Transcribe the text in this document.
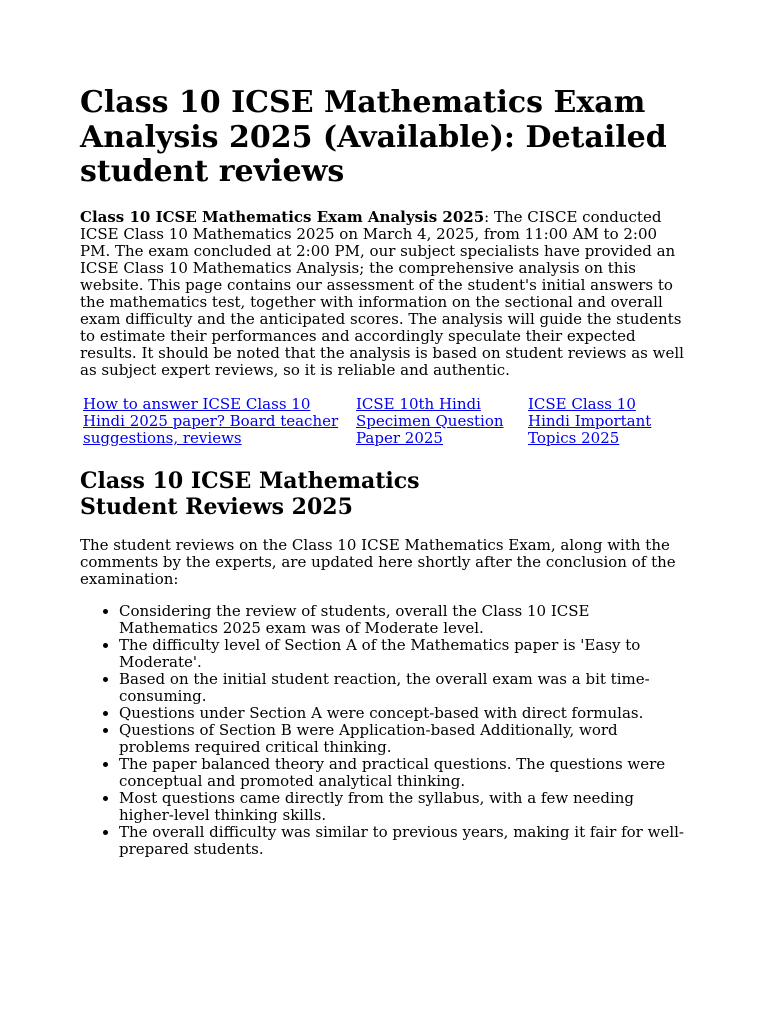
Class 10 ICSE Mathematics Exam Analysis 2025 (Available): Detailed student reviews

Class 10 ICSE Mathematics Exam Analysis 2025: The CISCE conducted ICSE Class 10 Mathematics 2025 on March 4, 2025, from 11:00 AM to 2:00 PM. The exam concluded at 2:00 PM, our subject specialists have provided an ICSE Class 10 Mathematics Analysis; the comprehensive analysis on this website. This page contains our assessment of the student's initial answers to the mathematics test, together with information on the sectional and overall exam difficulty and the anticipated scores. The analysis will guide the students to estimate their performances and accordingly speculate their expected results. It should be noted that the analysis is based on student reviews as well as subject expert reviews, so it is reliable and authentic.

How to answer ICSE Class 10 Hindi 2025 paper? Board teacher suggestions, reviews
ICSE 10th Hindi Specimen Question Paper 2025
ICSE Class 10 Hindi Important Topics 2025
Class 10 ICSE Mathematics Student Reviews 2025

The student reviews on the Class 10 ICSE Mathematics Exam, along with the comments by the experts, are updated here shortly after the conclusion of the examination:

• Considering the review of students, overall the Class 10 ICSE Mathematics 2025 exam was of Moderate level.
• The difficulty level of Section A of the Mathematics paper is 'Easy to Moderate'.
• Based on the initial student reaction, the overall exam was a bit time-consuming.
• Questions under Section A were concept-based with direct formulas.
• Questions of Section B were Application-based Additionally, word problems required critical thinking.
• The paper balanced theory and practical questions. The questions were conceptual and promoted analytical thinking.
• Most questions came directly from the syllabus, with a few needing higher-level thinking skills.
• The overall difficulty was similar to previous years, making it fair for well-prepared students.
